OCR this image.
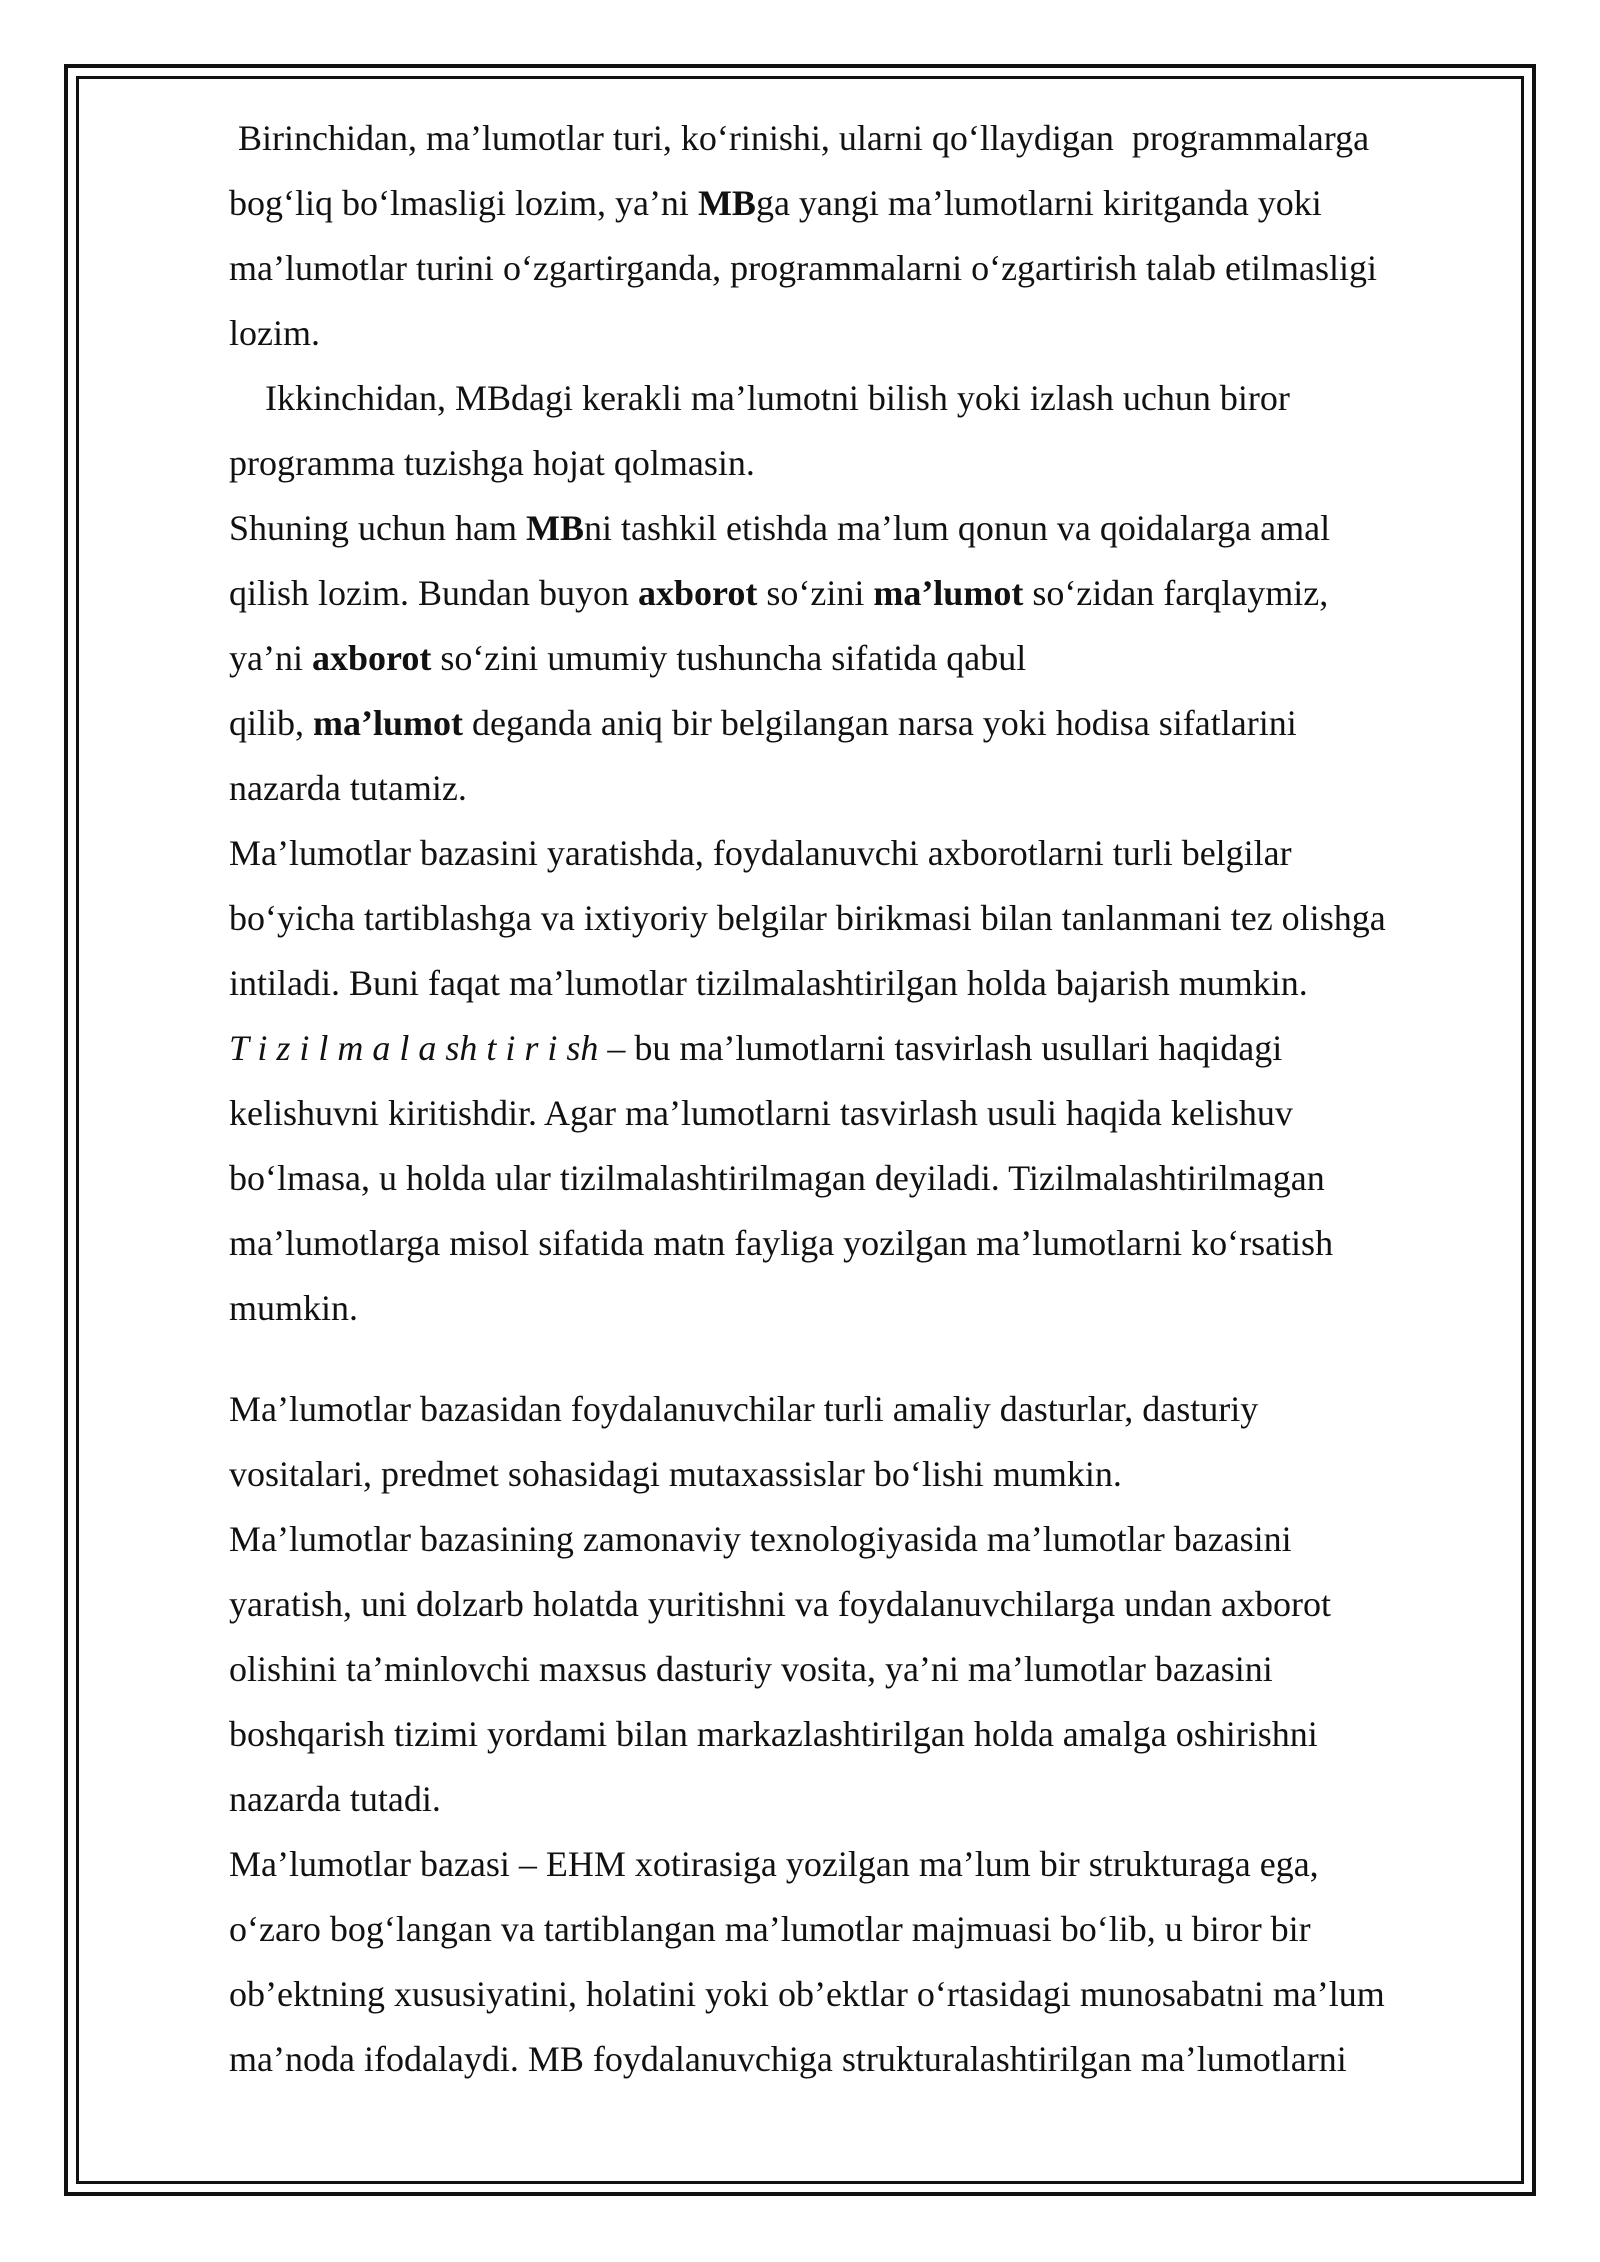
Birinchidan, ma’lumotlar turi, ko‘rinishi, ularni qo‘llaydigan  programmalarga
bog‘liq bo‘lmasligi lozim, ya’ni MBga yangi ma’lumotlarni kiritganda yoki
ma’lumotlar turini o‘zgartirganda, programmalarni o‘zgartirish talab etilmasligi
lozim.

Ikkinchidan, MBdagi kerakli ma’lumotni bilish yoki izlash uchun biror
programma tuzishga hojat qolmasin.

Shuning uchun ham MBni tashkil etishda ma’lum qonun va qoidalarga amal
qilish lozim. Bundan buyon axborot so‘zini ma’lumot so‘zidan farqlaymiz,
ya’ni axborot so‘zini umumiy tushuncha sifatida qabul
qilib, ma’lumot deganda aniq bir belgilangan narsa yoki hodisa sifatlarini
nazarda tutamiz.

Ma’lumotlar bazasini yaratishda, foydalanuvchi axborotlarni turli belgilar
bo‘yicha tartiblashga va ixtiyoriy belgilar birikmasi bilan tanlanmani tez olishga
intiladi. Buni faqat ma’lumotlar tizilmalashtirilgan holda bajarish mumkin.

T i z i l m a l a sh t i r i sh – bu ma’lumotlarni tasvirlash usullari haqidagi
kelishuvni kiritishdir. Agar ma’lumotlarni tasvirlash usuli haqida kelishuv
bo‘lmasa, u holda ular tizilmalashtirilmagan deyiladi. Tizilmalashtirilmagan
ma’lumotlarga misol sifatida matn fayliga yozilgan ma’lumotlarni ko‘rsatish
mumkin.

Ma’lumotlar bazasidan foydalanuvchilar turli amaliy dasturlar, dasturiy
vositalari, predmet sohasidagi mutaxassislar bo‘lishi mumkin.

Ma’lumotlar bazasining zamonaviy texnologiyasida ma’lumotlar bazasini
yaratish, uni dolzarb holatda yuritishni va foydalanuvchilarga undan axborot
olishini ta’minlovchi maxsus dasturiy vosita, ya’ni ma’lumotlar bazasini
boshqarish tizimi yordami bilan markazlashtirilgan holda amalga oshirishni
nazarda tutadi.

Ma’lumotlar bazasi – EHM xotirasiga yozilgan ma’lum bir strukturaga ega,
o‘zaro bog‘langan va tartiblangan ma’lumotlar majmuasi bo‘lib, u biror bir
ob’ektning xususiyatini, holatini yoki ob’ektlar o‘rtasidagi munosabatni ma’lum
ma’noda ifodalaydi. MB foydalanuvchiga strukturalashtirilgan ma’lumotlarni
